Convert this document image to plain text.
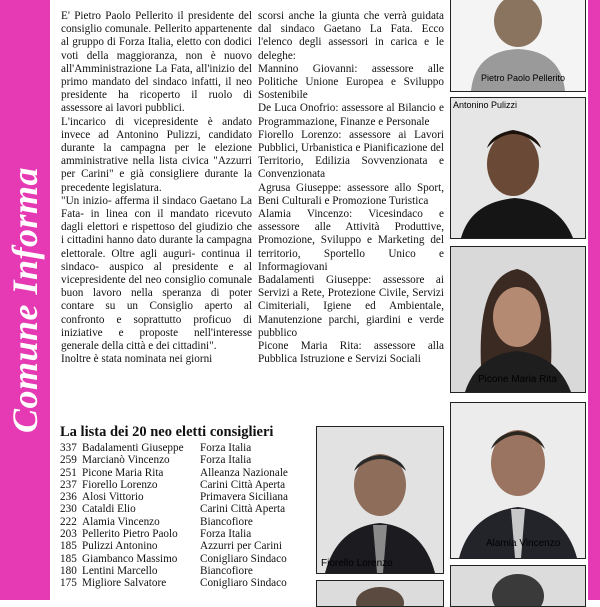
Comune Informa

E' Pietro Paolo Pellerito il presidente del consiglio comunale. Pellerito appartenente al gruppo di Forza Italia, eletto con dodici voti della maggioranza, non è nuovo all'Amministrazione La Fata, all'inizio del primo mandato del sindaco infatti, il neo presidente ha ricoperto il ruolo di assessore ai lavori pubblici.

L'incarico di vicepresidente è andato invece ad Antonino Pulizzi, candidato durante la campagna per le elezione amministrative nella lista civica "Azzurri per Carini" e già consigliere durante la precedente legislatura.

"Un inizio- afferma il sindaco Gaetano La Fata- in linea con il mandato ricevuto dagli elettori e rispettoso del giudizio che i cittadini hanno dato durante la campagna elettorale. Oltre agli auguri- continua il sindaco- auspico al presidente e al vicepresidente del neo consiglio comunale buon lavoro nella speranza di poter contare su un Consiglio aperto al confronto e soprattutto proficuo di iniziative e proposte nell'interesse generale della città e dei cittadini".

Inoltre è stata nominata nei giorni

scorsi anche la giunta che verrà guidata dal sindaco Gaetano La Fata. Ecco l'elenco degli assessori in carica e le deleghe:

Mannino Giovanni: assessore alle Politiche Unione Europea e Sviluppo Sostenibile

De Luca Onofrio: assessore al Bilancio e Programmazione, Finanze e Personale

Fiorello Lorenzo: assessore ai Lavori Pubblici, Urbanistica e Pianificazione del Territorio, Edilizia Sovvenzionata e Convenzionata

Agrusa Giuseppe: assessore allo Sport, Beni Culturali e Promozione Turistica

Alamia Vincenzo: Vicesindaco e assessore alle Attività Produttive, Promozione, Sviluppo e Marketing del territorio, Sportello Unico e Informagiovani

Badalamenti Giuseppe: assessore ai Servizi a Rete, Protezione Civile, Servizi Cimiteriali, Igiene ed Ambientale, Manutenzione parchi, giardini e verde pubblico

Picone Maria Rita: assessore alla Pubblica Istruzione e Servizi Sociali

Pietro Paolo Pellerito
Antonino Pulizzi
Picone Maria Rita
Fiorello Lorenzo
Alamia Vincenzo
La lista dei 20 neo eletti consiglieri
337 Badalamenti Giuseppe	Forza Italia
259 Marcianò Vincenzo	Forza Italia
251 Picone Maria Rita	Alleanza Nazionale
237 Fiorello Lorenzo	Carini Città Aperta
236 Alosi Vittorio	Primavera Siciliana
230 Cataldi Elio	Carini Città Aperta
222 Alamia Vincenzo	Biancofiore
203 Pellerito Pietro Paolo	Forza Italia
185 Pulizzi Antonino	Azzurri per Carini
185 Giambanco Massimo	Conigliaro Sindaco
180 Lentini Marcello	Biancofiore
175 Migliore Salvatore	Conigliaro Sindaco
